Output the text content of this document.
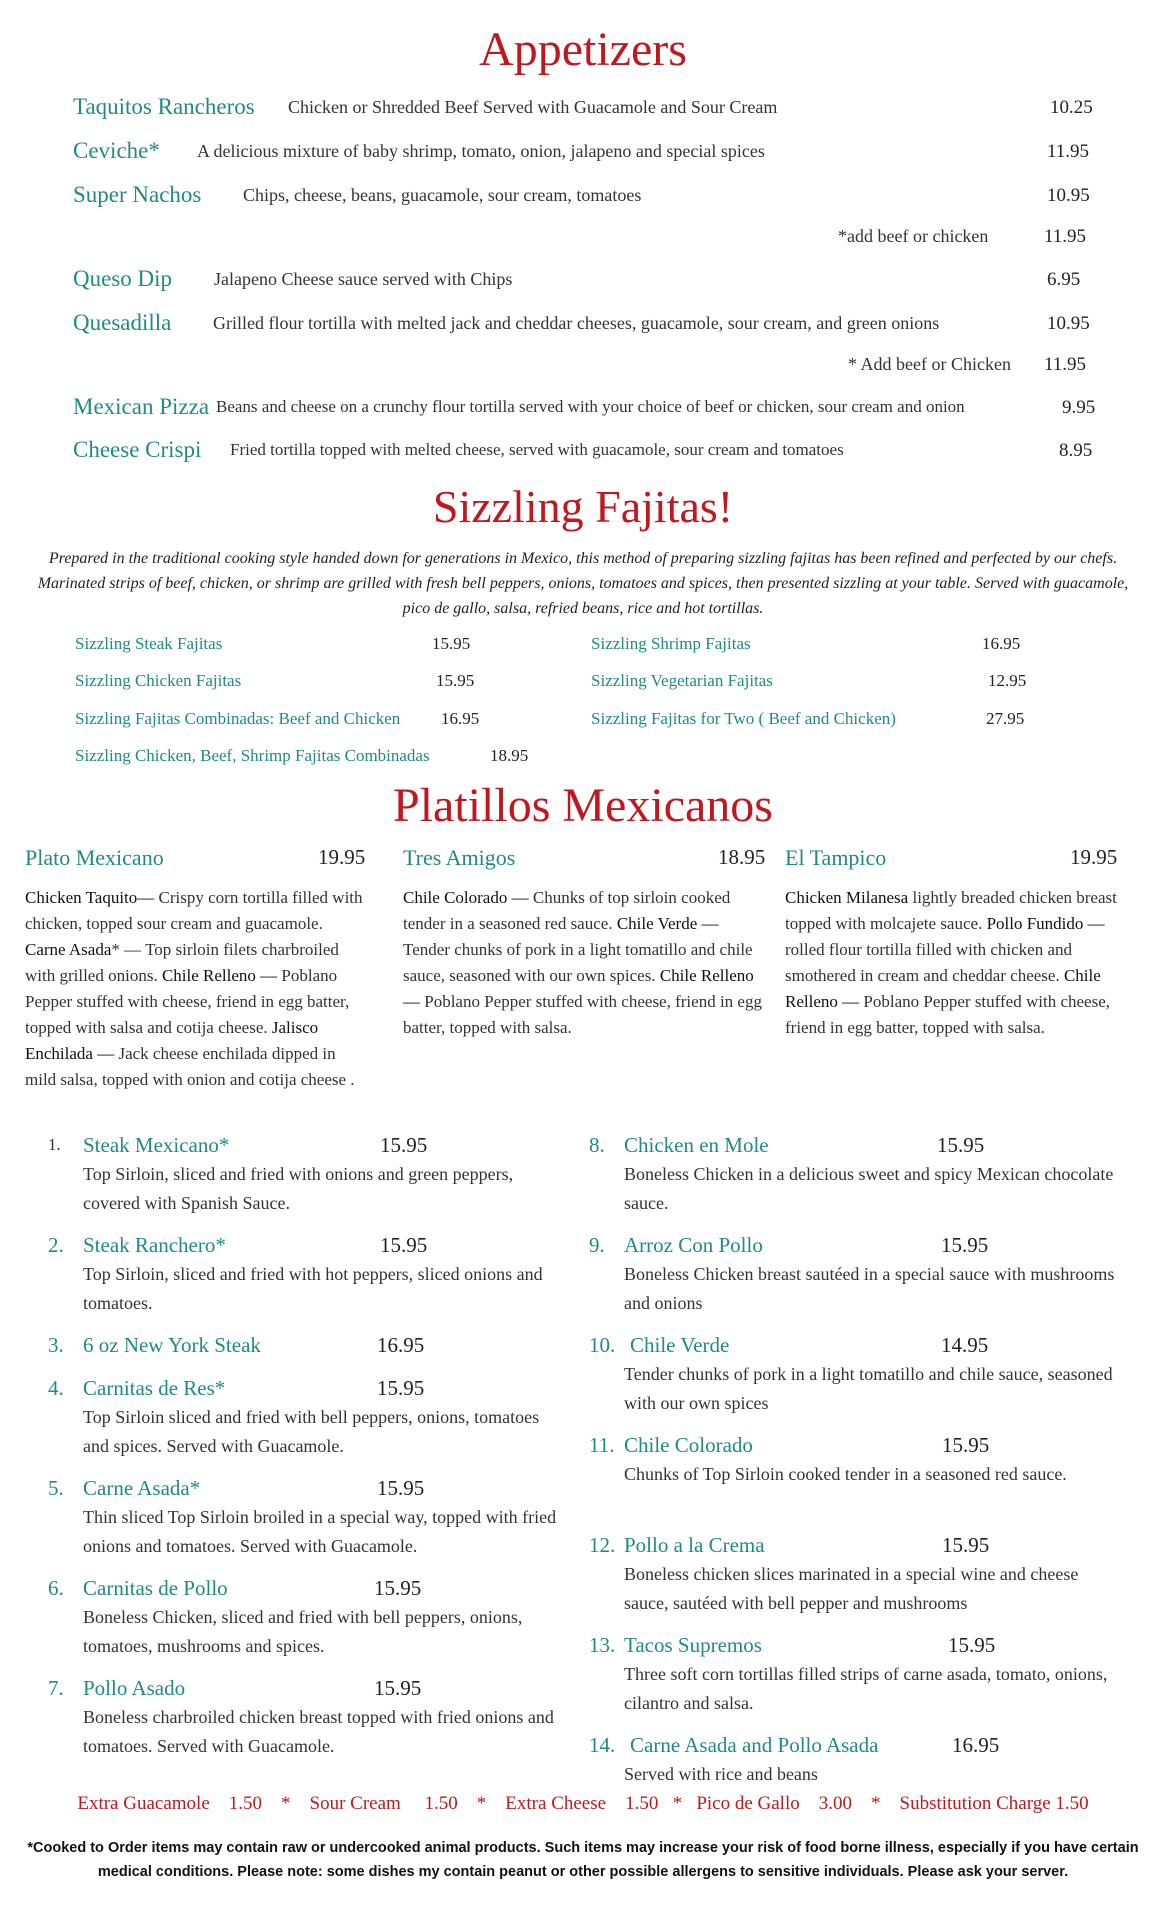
Appetizers
Taquitos Rancheros Chicken or Shredded Beef Served with Guacamole and Sour Cream	10.25
Ceviche* A delicious mixture of baby shrimp, tomato, onion, jalapeno and special spices	11.95
Super Nachos Chips, cheese, beans, guacamole, sour cream, tomatoes	10.95
*add beef or chicken	11.95
Queso Dip Jalapeno Cheese sauce served with Chips	6.95
Quesadilla Grilled flour tortilla with melted jack and cheddar cheeses, guacamole, sour cream, and green onions	10.95
* Add beef or Chicken 11.95
Mexican Pizza Beans and cheese on a crunchy flour tortilla served with your choice of beef or chicken, sour cream and onion	9.95
Cheese Crispi Fried tortilla topped with melted cheese, served with guacamole, sour cream and tomatoes	8.95
Sizzling Fajitas!

Prepared in the traditional cooking style handed down for generations in Mexico, this method of preparing sizzling fajitas has been refined and perfected by our chefs. Marinated strips of beef, chicken, or shrimp are grilled with fresh bell peppers, onions, tomatoes and spices, then presented sizzling at your table. Served with guacamole, pico de gallo, salsa, refried beans, rice and hot tortillas.

Sizzling Steak Fajitas	15.95
Sizzling Chicken Fajitas	15.95
Sizzling Fajitas Combinadas: Beef and Chicken 16.95
Sizzling Chicken, Beef, Shrimp Fajitas Combinadas	18.95
Sizzling Shrimp Fajitas	16.95
Sizzling Vegetarian Fajitas	12.95
Sizzling Fajitas for Two ( Beef and Chicken)	27.95
Platillos Mexicanos
Plato Mexicano	19.95
Chicken Taquito— Crispy corn tortilla filled with chicken, topped sour cream and guacamole. Carne Asada* — Top sirloin filets charbroiled with grilled onions. Chile Relleno — Poblano Pepper stuffed with cheese, friend in egg batter, topped with salsa and cotija cheese. Jalisco Enchilada — Jack cheese enchilada dipped in mild salsa, topped with onion and cotija cheese .
Tres Amigos	18.95
Chile Colorado — Chunks of top sirloin cooked tender in a seasoned red sauce. Chile Verde — Tender chunks of pork in a light tomatillo and chile sauce, seasoned with our own spices. Chile Relleno — Poblano Pepper stuffed with cheese, friend in egg batter, topped with salsa.
El Tampico	19.95
Chicken Milanesa lightly breaded chicken breast topped with molcajete sauce. Pollo Fundido — rolled flour tortilla filled with chicken and smothered in cream and cheddar cheese. Chile Relleno — Poblano Pepper stuffed with cheese, friend in egg batter, topped with salsa.
1. Steak Mexicano*	15.95
Top Sirloin, sliced and fried with onions and green peppers, covered with Spanish Sauce.
2. Steak Ranchero*	15.95
Top Sirloin, sliced and fried with hot peppers, sliced onions and tomatoes.
3. 6 oz New York Steak	16.95
4. Carnitas de Res*	15.95
Top Sirloin sliced and fried with bell peppers, onions, tomatoes and spices. Served with Guacamole.
5. Carne Asada*	15.95
Thin sliced Top Sirloin broiled in a special way, topped with fried onions and tomatoes. Served with Guacamole.
6. Carnitas de Pollo	15.95
Boneless Chicken, sliced and fried with bell peppers, onions, tomatoes, mushrooms and spices.
7. Pollo Asado	15.95
Boneless charbroiled chicken breast topped with fried onions and tomatoes. Served with Guacamole.
8. Chicken en Mole	15.95
Boneless Chicken in a delicious sweet and spicy Mexican chocolate sauce.
9. Arroz Con Pollo	15.95
Boneless Chicken breast sautéed in a special sauce with mushrooms and onions
10. Chile Verde	14.95
Tender chunks of pork in a light tomatillo and chile sauce, seasoned with our own spices
11. Chile Colorado	15.95
Chunks of Top Sirloin cooked tender in a seasoned red sauce.
12. Pollo a la Crema	15.95
Boneless chicken slices marinated in a special wine and cheese sauce, sautéed with bell pepper and mushrooms
13. Tacos Supremos	15.95
Three soft corn tortillas filled strips of carne asada, tomato, onions, cilantro and salsa.
14. Carne Asada and Pollo Asada	16.95
Served with rice and beans
Extra Guacamole 1.50 * Sour Cream 1.50 * Extra Cheese 1.50 * Pico de Gallo 3.00 * Substitution Charge 1.50

*Cooked to Order items may contain raw or undercooked animal products. Such items may increase your risk of food borne illness, especially if you have certain medical conditions. Please note: some dishes my contain peanut or other possible allergens to sensitive individuals. Please ask your server.
